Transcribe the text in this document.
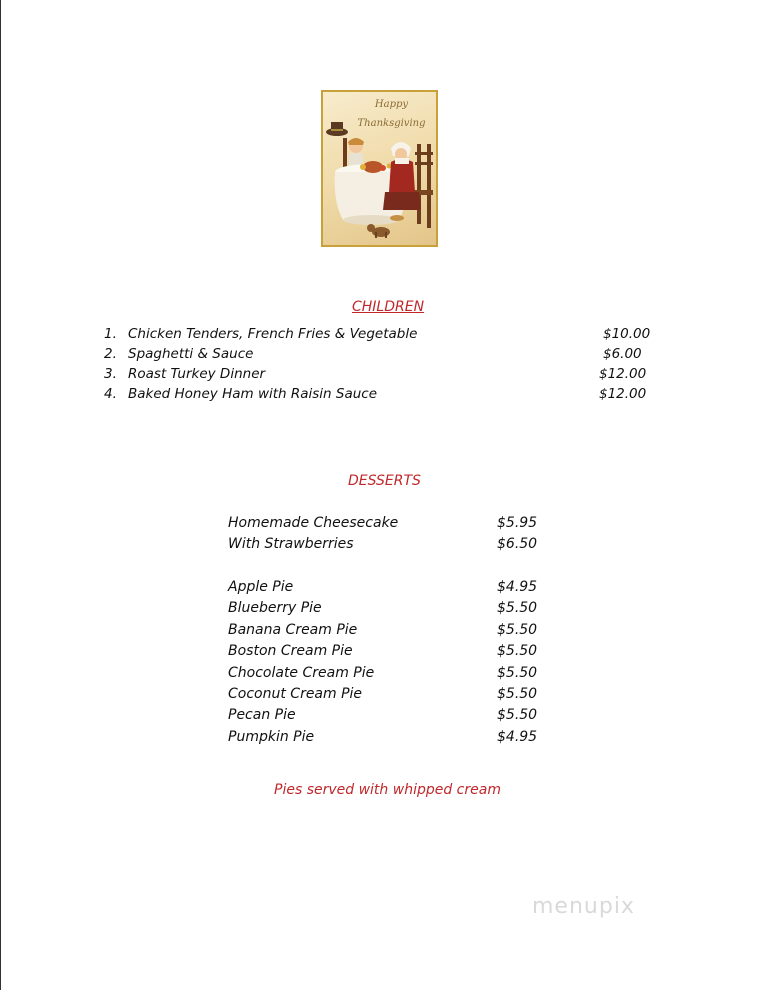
Happy
Thanksgiving
CHILDREN
1. Chicken Tenders, French Fries & Vegetable	$10.00
2. Spaghetti & Sauce	$6.00
3. Roast Turkey Dinner	$12.00
4. Baked Honey Ham with Raisin Sauce	$12.00
DESSERTS
Homemade Cheesecake	$5.95
With Strawberries	$6.50
Apple Pie	$4.95
Blueberry Pie	$5.50
Banana Cream Pie	$5.50
Boston Cream Pie	$5.50
Chocolate Cream Pie	$5.50
Coconut Cream Pie	$5.50
Pecan Pie	$5.50
Pumpkin Pie	$4.95

Pies served with whipped cream

menupix
